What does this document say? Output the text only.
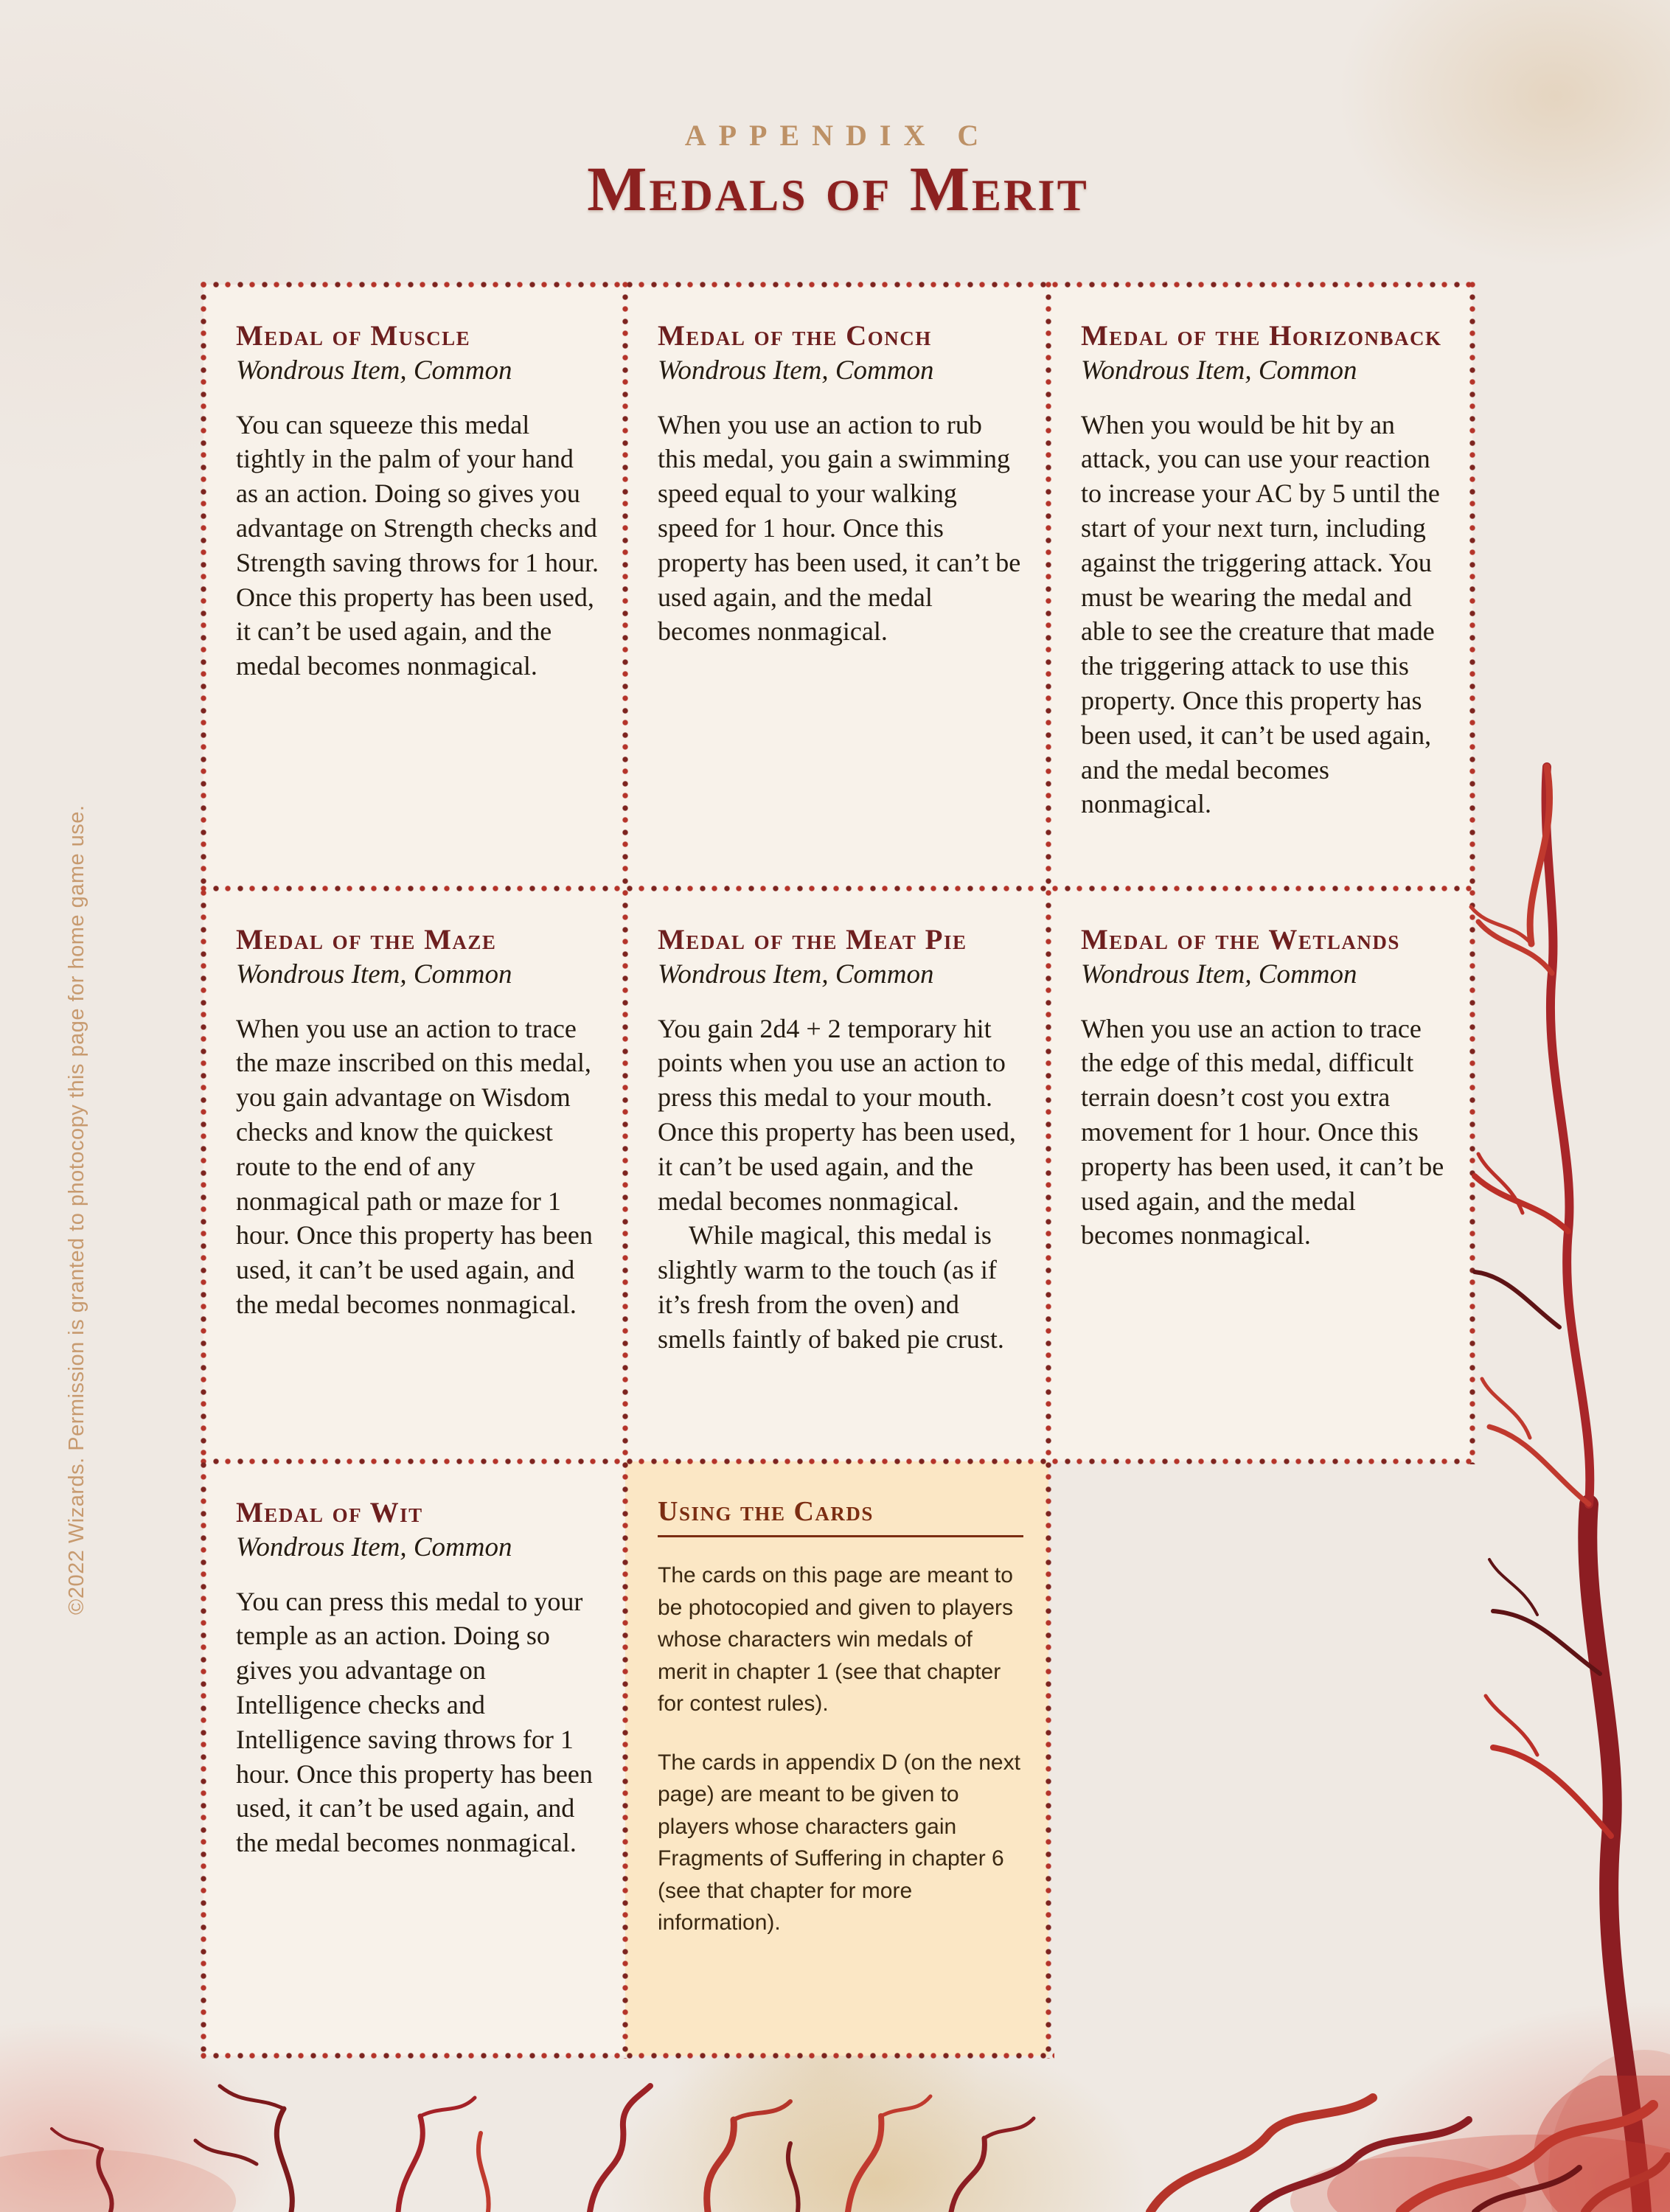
APPENDIX C
Medals of Merit
Medal of Muscle
Wondrous Item, Common

You can squeeze this medal tightly in the palm of your hand as an action. Doing so gives you advantage on Strength checks and Strength saving throws for 1 hour. Once this property has been used, it can’t be used again, and the medal becomes nonmagical.

Medal of the Conch
Wondrous Item, Common

When you use an action to rub this medal, you gain a swimming speed equal to your walking speed for 1 hour. Once this property has been used, it can’t be used again, and the medal becomes nonmagical.

Medal of the Horizonback
Wondrous Item, Common

When you would be hit by an attack, you can use your reaction to increase your AC by 5 until the start of your next turn, including against the triggering attack. You must be wearing the medal and able to see the creature that made the triggering attack to use this property. Once this property has been used, it can’t be used again, and the medal becomes nonmagical.

Medal of the Maze
Wondrous Item, Common

When you use an action to trace the maze inscribed on this medal, you gain advantage on Wisdom checks and know the quickest route to the end of any nonmagical path or maze for 1 hour. Once this property has been used, it can’t be used again, and the medal becomes nonmagical.

Medal of the Meat Pie
Wondrous Item, Common

You gain 2d4 + 2 temporary hit points when you use an action to press this medal to your mouth. Once this property has been used, it can’t be used again, and the medal becomes nonmagical.

While magical, this medal is slightly warm to the touch (as if it’s fresh from the oven) and smells faintly of baked pie crust.

Medal of the Wetlands
Wondrous Item, Common

When you use an action to trace the edge of this medal, difficult terrain doesn’t cost you extra movement for 1 hour. Once this property has been used, it can’t be used again, and the medal becomes nonmagical.

Medal of Wit
Wondrous Item, Common

You can press this medal to your temple as an action. Doing so gives you advantage on Intelligence checks and Intelligence saving throws for 1 hour. Once this property has been used, it can’t be used again, and the medal becomes nonmagical.

Using the Cards

The cards on this page are meant to be photocopied and given to players whose characters win medals of merit in chapter 1 (see that chapter for contest rules).

The cards in appendix D (on the next page) are meant to be given to players whose characters gain Fragments of Suffering in chapter 6 (see that chapter for more information).

©2022 Wizards. Permission is granted to photocopy this page for home game use.
